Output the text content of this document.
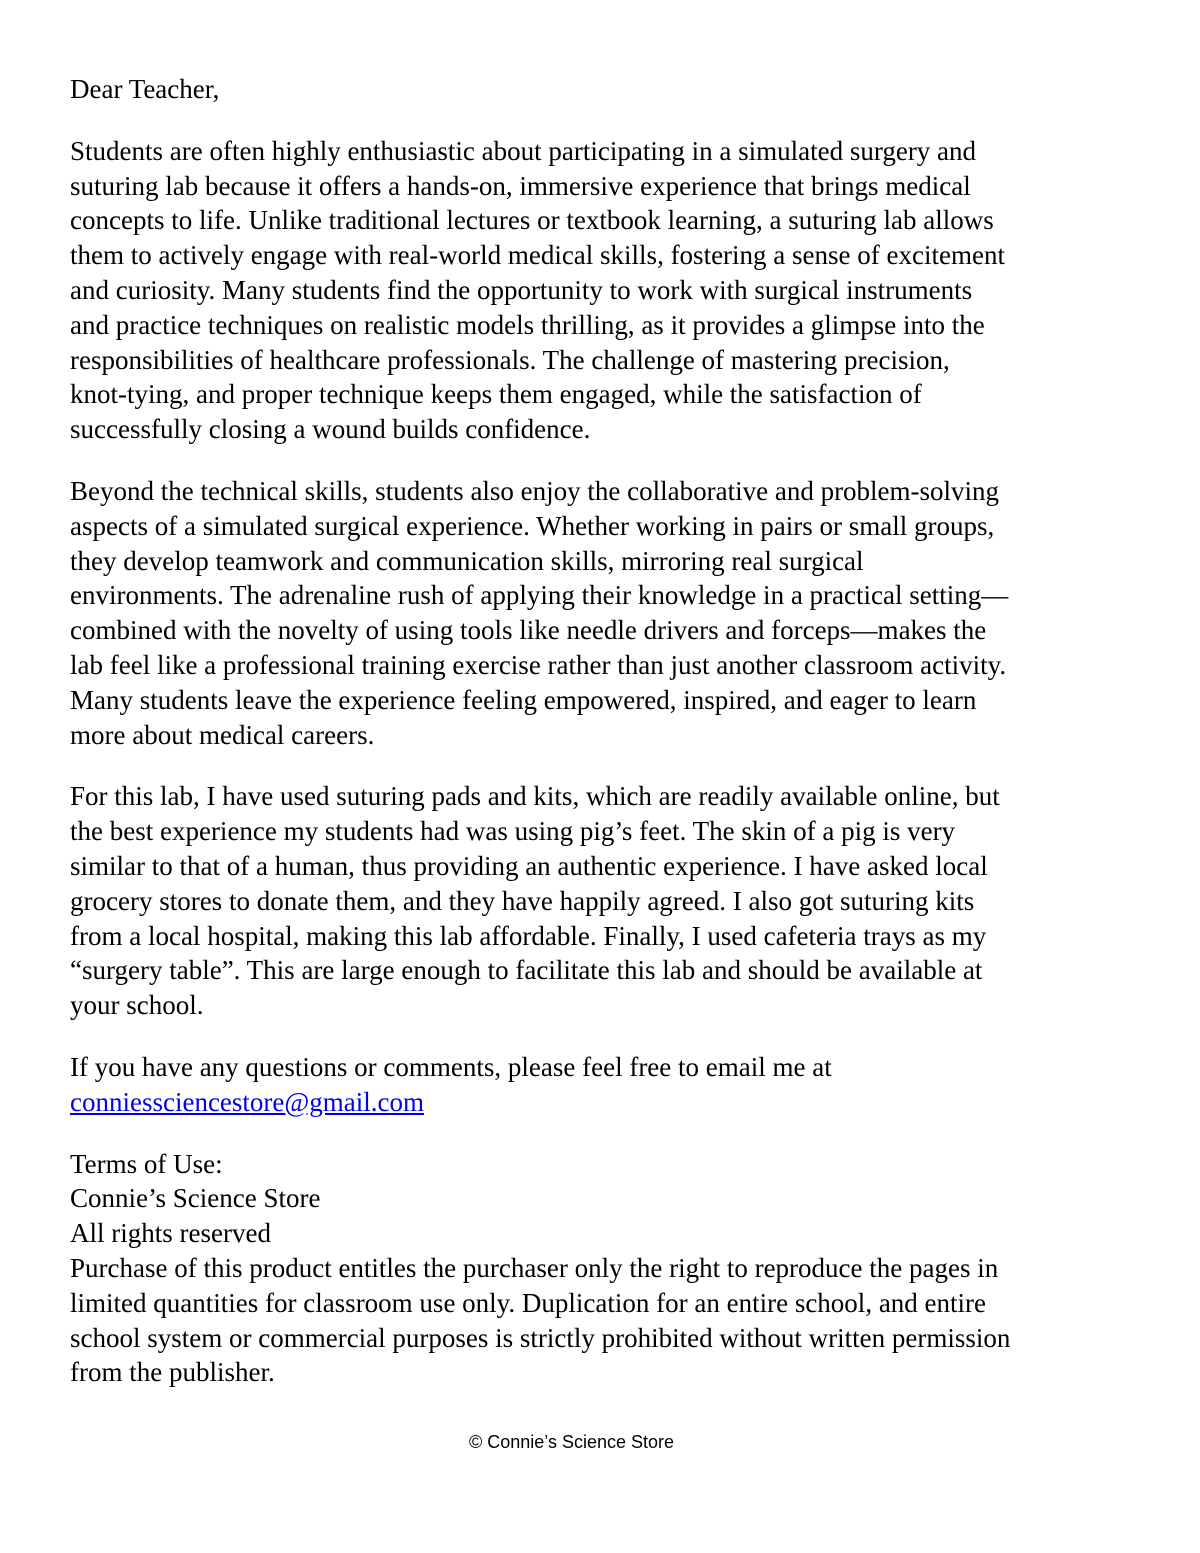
Dear Teacher,

Students are often highly enthusiastic about participating in a simulated surgery and
suturing lab because it offers a hands-on, immersive experience that brings medical
concepts to life. Unlike traditional lectures or textbook learning, a suturing lab allows
them to actively engage with real-world medical skills, fostering a sense of excitement
and curiosity. Many students find the opportunity to work with surgical instruments
and practice techniques on realistic models thrilling, as it provides a glimpse into the
responsibilities of healthcare professionals. The challenge of mastering precision,
knot-tying, and proper technique keeps them engaged, while the satisfaction of
successfully closing a wound builds confidence.

Beyond the technical skills, students also enjoy the collaborative and problem-solving
aspects of a simulated surgical experience. Whether working in pairs or small groups,
they develop teamwork and communication skills, mirroring real surgical
environments. The adrenaline rush of applying their knowledge in a practical setting—
combined with the novelty of using tools like needle drivers and forceps—makes the
lab feel like a professional training exercise rather than just another classroom activity.
Many students leave the experience feeling empowered, inspired, and eager to learn
more about medical careers.

For this lab, I have used suturing pads and kits, which are readily available online, but
the best experience my students had was using pig’s feet. The skin of a pig is very
similar to that of a human, thus providing an authentic experience. I have asked local
grocery stores to donate them, and they have happily agreed. I also got suturing kits
from a local hospital, making this lab affordable. Finally, I used cafeteria trays as my
“surgery table”. This are large enough to facilitate this lab and should be available at
your school.

If you have any questions or comments, please feel free to email me at
conniessciencestore@gmail.com

Terms of Use:
Connie’s Science Store
All rights reserved
Purchase of this product entitles the purchaser only the right to reproduce the pages in
limited quantities for classroom use only. Duplication for an entire school, and entire
school system or commercial purposes is strictly prohibited without written permission
from the publisher.
© Connie’s Science Store
